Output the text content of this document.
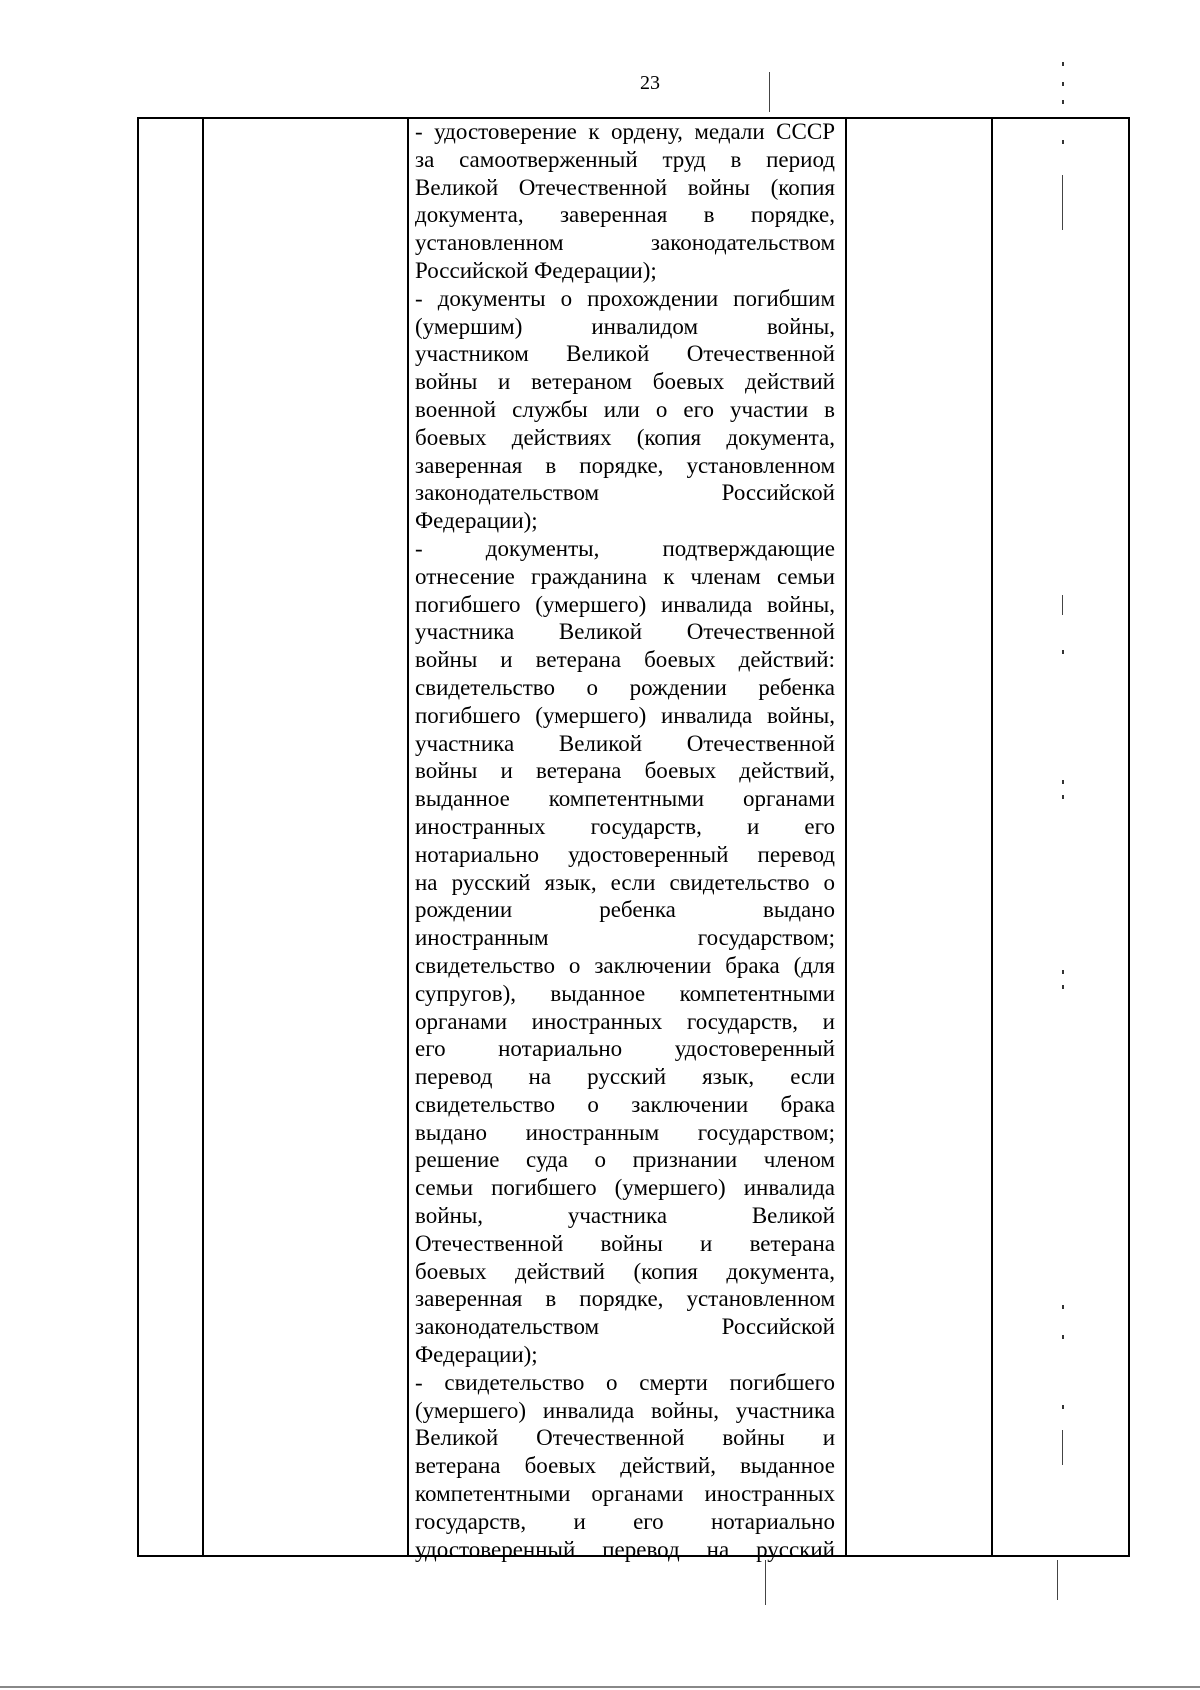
23

- удостоверение к ордену, медали СССР
за самоотверженный труд в период
Великой Отечественной войны (копия
документа, заверенная в порядке,
установленном законодательством
Российской Федерации);
- документы о прохождении погибшим
(умершим) инвалидом войны,
участником Великой Отечественной
войны и ветераном боевых действий
военной службы или о его участии в
боевых действиях (копия документа,
заверенная в порядке, установленном
законодательством Российской
Федерации);
- документы, подтверждающие
отнесение гражданина к членам семьи
погибшего (умершего) инвалида войны,
участника Великой Отечественной
войны и ветерана боевых действий:
свидетельство о рождении ребенка
погибшего (умершего) инвалида войны,
участника Великой Отечественной
войны и ветерана боевых действий,
выданное компетентными органами
иностранных государств, и его
нотариально удостоверенный перевод
на русский язык, если свидетельство о
рождении ребенка выдано
иностранным государством;
свидетельство о заключении брака (для
супругов), выданное компетентными
органами иностранных государств, и
его нотариально удостоверенный
перевод на русский язык, если
свидетельство о заключении брака
выдано иностранным государством;
решение суда о признании членом
семьи погибшего (умершего) инвалида
войны, участника Великой
Отечественной войны и ветерана
боевых действий (копия документа,
заверенная в порядке, установленном
законодательством Российской
Федерации);
- свидетельство о смерти погибшего
(умершего) инвалида войны, участника
Великой Отечественной войны и
ветерана боевых действий, выданное
компетентными органами иностранных
государств, и его нотариально
удостоверенный перевод на русский
